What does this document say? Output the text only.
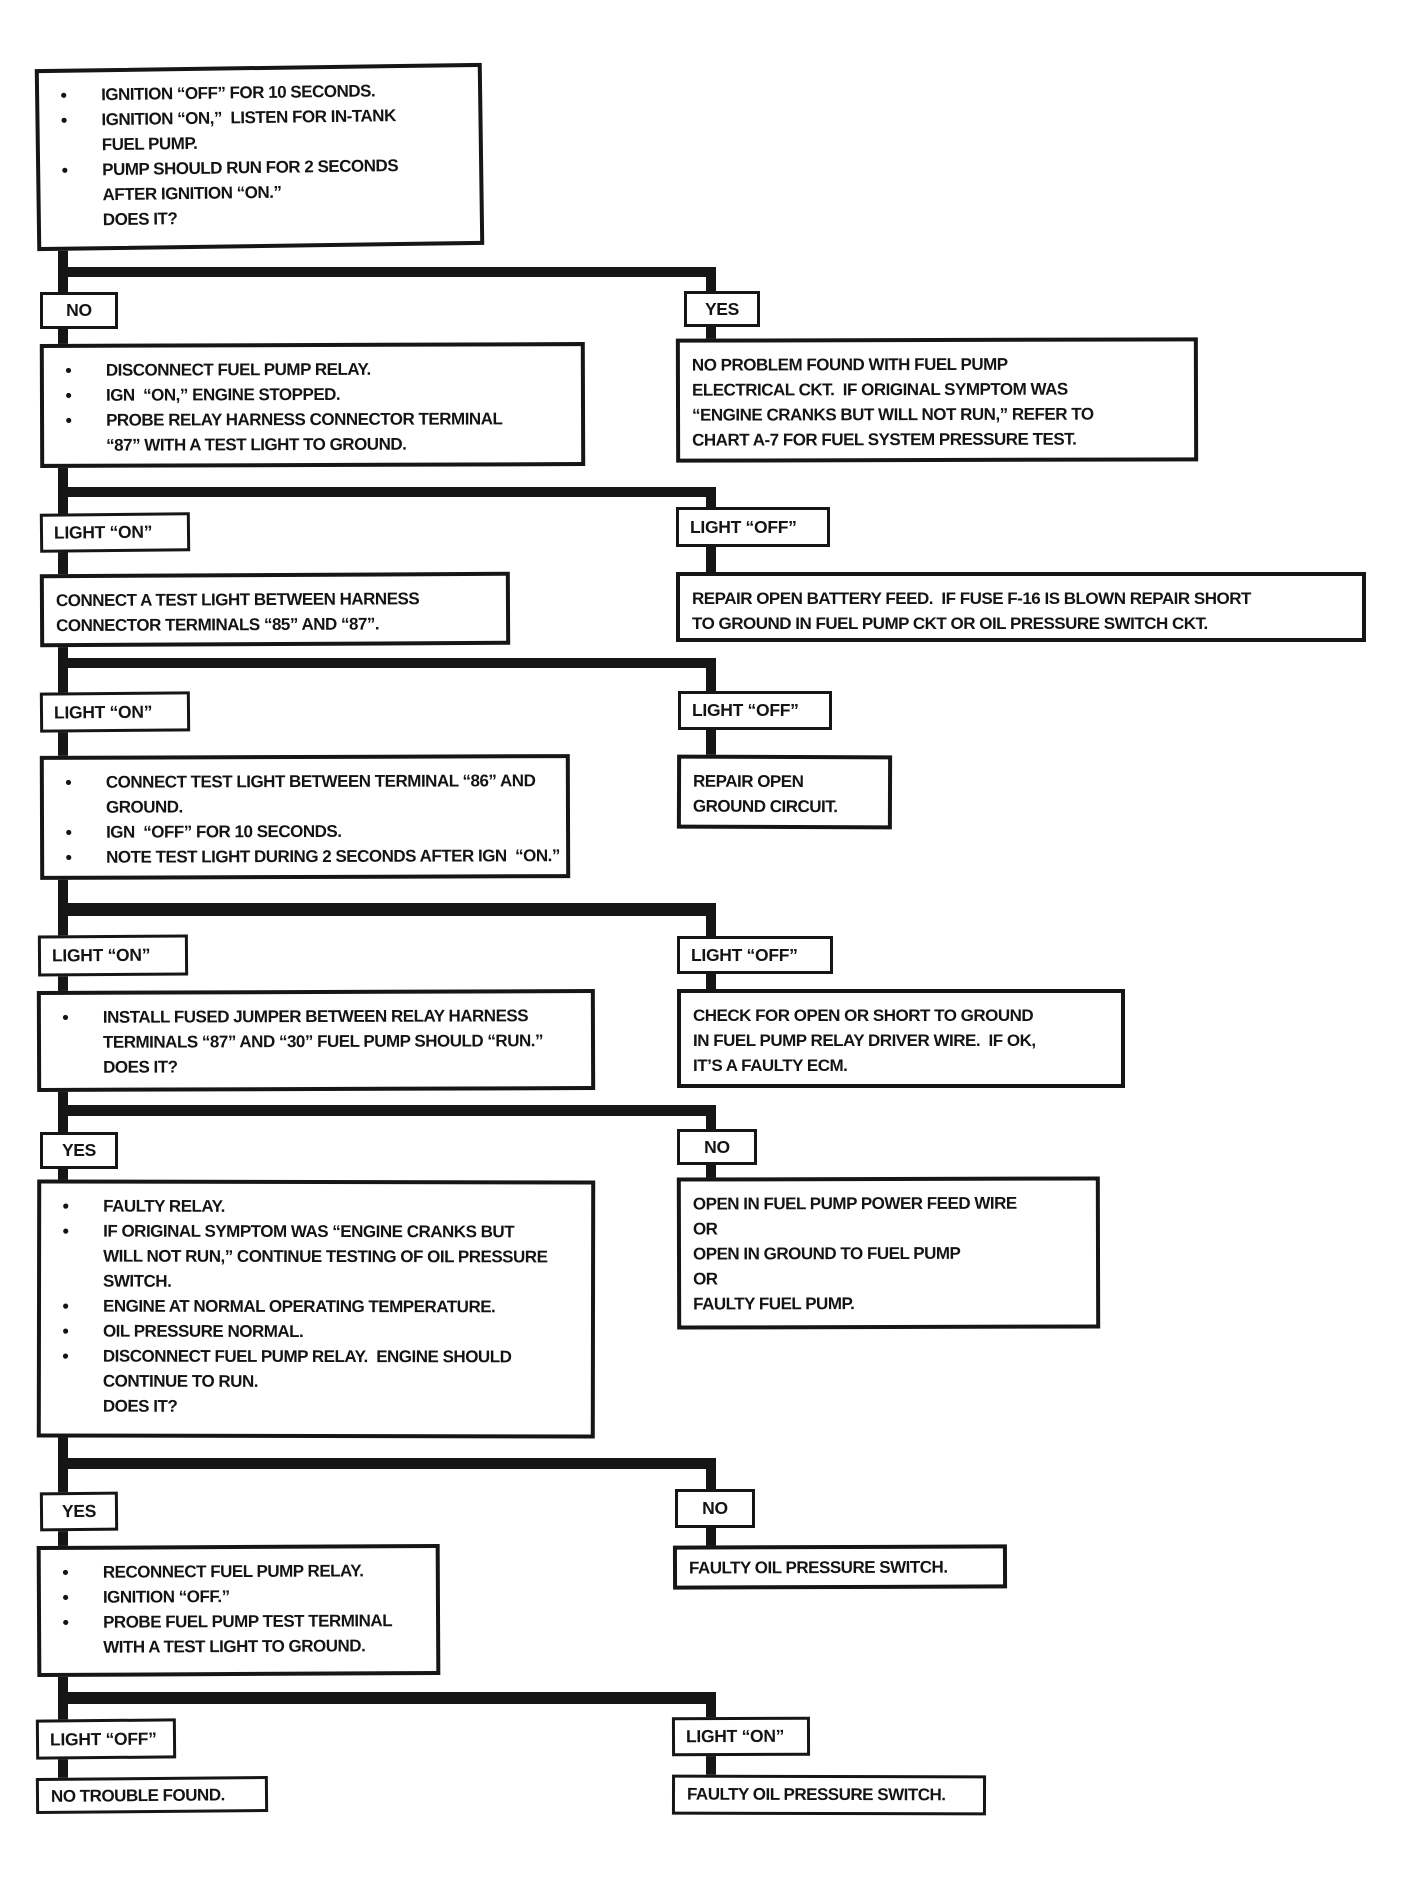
●	IGNITION “OFF” FOR 10 SECONDS.
●	IGNITION “ON,”  LISTEN FOR IN-TANK
FUEL PUMP.
●	PUMP SHOULD RUN FOR 2 SECONDS
AFTER IGNITION “ON.”
DOES IT?
NO	YES
●	DISCONNECT FUEL PUMP RELAY.
●	IGN  “ON,” ENGINE STOPPED.
●	PROBE RELAY HARNESS CONNECTOR TERMINAL
“87” WITH A TEST LIGHT TO GROUND.
NO PROBLEM FOUND WITH FUEL PUMP
ELECTRICAL CKT.  IF ORIGINAL SYMPTOM WAS
“ENGINE CRANKS BUT WILL NOT RUN,” REFER TO
CHART A-7 FOR FUEL SYSTEM PRESSURE TEST.
LIGHT “ON”	LIGHT “OFF”
CONNECT A TEST LIGHT BETWEEN HARNESS
CONNECTOR TERMINALS “85” AND “87”.
REPAIR OPEN BATTERY FEED.  IF FUSE F-16 IS BLOWN REPAIR SHORT
TO GROUND IN FUEL PUMP CKT OR OIL PRESSURE SWITCH CKT.
LIGHT “ON”	LIGHT “OFF”
●	CONNECT TEST LIGHT BETWEEN TERMINAL “86” AND
GROUND.
●	IGN  “OFF” FOR 10 SECONDS.
●	NOTE TEST LIGHT DURING 2 SECONDS AFTER IGN  “ON.”
REPAIR OPEN
GROUND CIRCUIT.
LIGHT “ON”	LIGHT “OFF”
●	INSTALL FUSED JUMPER BETWEEN RELAY HARNESS
TERMINALS “87” AND “30” FUEL PUMP SHOULD “RUN.”
DOES IT?
CHECK FOR OPEN OR SHORT TO GROUND
IN FUEL PUMP RELAY DRIVER WIRE.  IF OK,
IT’S A FAULTY ECM.
YES	NO
●	FAULTY RELAY.
●	IF ORIGINAL SYMPTOM WAS “ENGINE CRANKS BUT
WILL NOT RUN,” CONTINUE TESTING OF OIL PRESSURE
SWITCH.
●	ENGINE AT NORMAL OPERATING TEMPERATURE.
●	OIL PRESSURE NORMAL.
●	DISCONNECT FUEL PUMP RELAY.  ENGINE SHOULD
CONTINUE TO RUN.
DOES IT?
OPEN IN FUEL PUMP POWER FEED WIRE
OR
OPEN IN GROUND TO FUEL PUMP
OR
FAULTY FUEL PUMP.
YES	NO
●	RECONNECT FUEL PUMP RELAY.
●	IGNITION “OFF.”
●	PROBE FUEL PUMP TEST TERMINAL
WITH A TEST LIGHT TO GROUND.
FAULTY OIL PRESSURE SWITCH.
LIGHT “OFF”	LIGHT “ON”
NO TROUBLE FOUND.	FAULTY OIL PRESSURE SWITCH.
